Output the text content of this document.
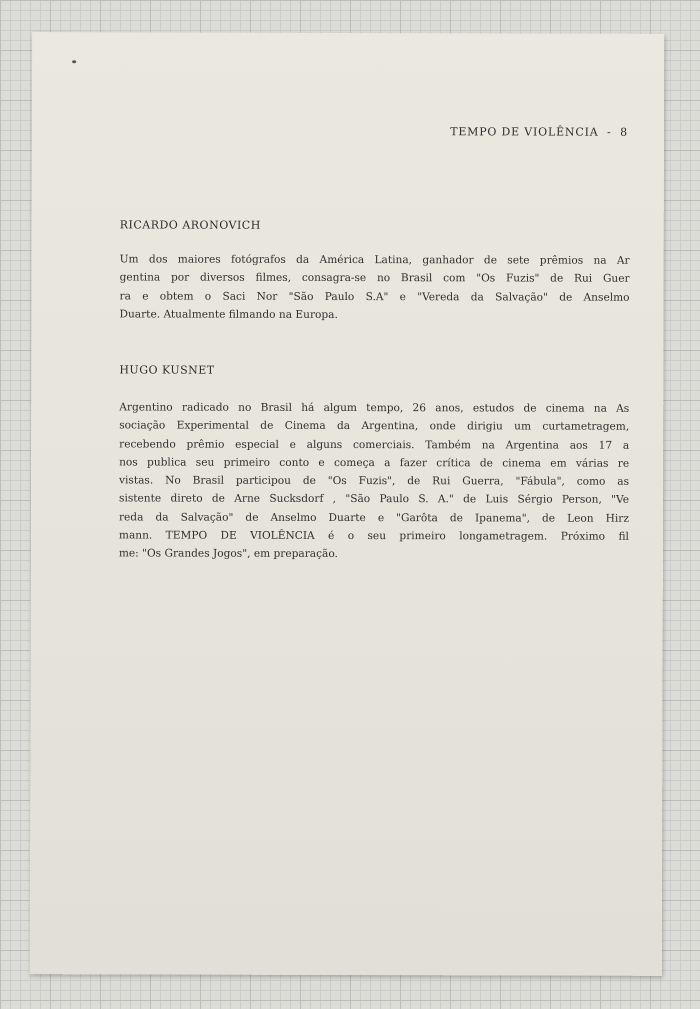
TEMPO DE VIOLÊNCIA  -  8
RICARDO ARONOVICH

Um dos maiores fotógrafos da América Latina, ganhador de sete prêmios na Ar
gentina por diversos filmes, consagra-se no Brasil com "Os Fuzis" de Rui Guer
ra e obtem o Saci Nor "São Paulo S.A" e "Vereda da Salvação" de Anselmo
Duarte. Atualmente filmando na Europa.

HUGO KUSNET

Argentino radicado no Brasil há algum tempo, 26 anos, estudos de cinema na As
sociação Experimental de Cinema da Argentina, onde dirigiu um curtametragem,
recebendo prêmio especial e alguns comerciais. Também na Argentina aos 17 a
nos publica seu primeiro conto e começa a fazer crítica de cinema em várias re
vistas. No Brasil participou de "Os Fuzis", de Rui Guerra, "Fábula", como as
sistente direto de Arne Sucksdorf , "São Paulo S. A." de Luis Sérgio Person, "Ve
reda da Salvação" de Anselmo Duarte e "Garôta de Ipanema", de Leon Hirz
mann. TEMPO DE VIOLÊNCIA é o seu primeiro longametragem. Próximo fil
me: "Os Grandes Jogos", em preparação.
